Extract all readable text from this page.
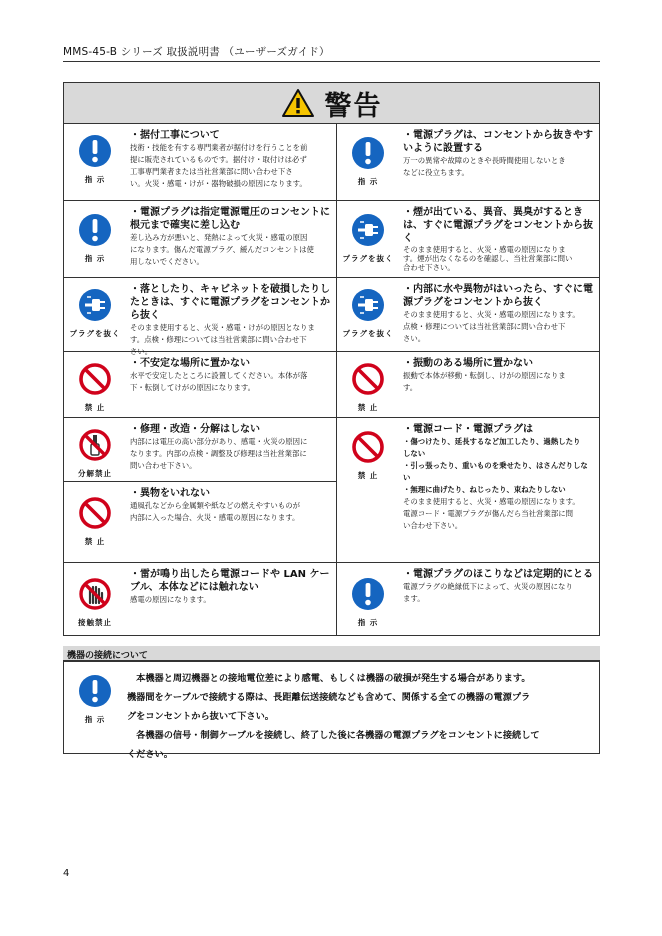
MMS-45-B シリーズ 取扱説明書 （ユーザーズガイド）
警告
指 示
・据付工事について
技術・技能を有する専門業者が据付けを行うことを前
提に販売されているものです。据付け・取付けは必ず
工事専門業者または当社営業部に問い合わせ下さ
い。火災・感電・けが・器物破損の原因になります。	指 示
・電源プラグは、コンセントから抜きやすいように設置する
万一の異常や故障のときや長時間使用しないとき
などに役立ちます。
指 示
・電源プラグは指定電源電圧のコンセントに根元まで確実に差し込む
差し込み方が悪いと、発熱によって火災・感電の原因
になります。傷んだ電源プラグ、緩んだコンセントは使
用しないでください。	プラグを抜く
・煙が出ている、異音、異臭がするときは、すぐに電源プラグをコンセントから抜く
そのまま使用すると、火災・感電の原因になりま
す。煙が出なくなるのを確認し、当社営業部に問い
合わせ下さい。
プラグを抜く
・落としたり、キャビネットを破損したりしたときは、すぐに電源プラグをコンセントから抜く
そのまま使用すると、火災・感電・けがの原因となりま
す。点検・修理については当社営業部に問い合わせ下
さい。
プラグを抜く
・内部に水や異物がはいったら、すぐに電源プラグをコンセントから抜く
そのまま使用すると、火災・感電の原因になります。
点検・修理については当社営業部に問い合わせ下
さい。
禁 止
・不安定な場所に置かない
水平で安定したところに設置してください。本体が落
下・転倒してけがの原因になります。
禁 止
・振動のある場所に置かない
振動で本体が移動・転倒し、けがの原因になりま
す。
分解禁止
・修理・改造・分解はしない
内部には電圧の高い部分があり、感電・火災の原因に
なります。内部の点検・調整及び修理は当社営業部に
問い合わせ下さい。
禁 止
・電源コード・電源プラグは
・傷つけたり、延長するなど加工したり、過熱したり
しない
・引っ張ったり、重いものを乗せたり、はさんだりしな
い
・無理に曲げたり、ねじったり、束ねたりしない
そのまま使用すると、火災・感電の原因になります。
電源コード・電源プラグが傷んだら当社営業部に問
い合わせ下さい。
禁 止
・異物をいれない
通風孔などから金属類や紙などの燃えやすいものが
内部に入った場合、火災・感電の原因になります。
接触禁止
・雷が鳴り出したら電源コードや LAN ケーブル、本体などには触れない
感電の原因になります。
指 示
・電源プラグのほこりなどは定期的にとる
電源プラグの絶縁低下によって、火災の原因になり
ます。
機器の接続について
指 示
　本機器と周辺機器との接地電位差により感電、もしくは機器の破損が発生する場合があります。
機器間をケーブルで接続する際は、長距離伝送接続なども含めて、関係する全ての機器の電源プラ
グをコンセントから抜いて下さい。
　各機器の信号・制御ケーブルを接続し、終了した後に各機器の電源プラグをコンセントに接続して
ください。
4
